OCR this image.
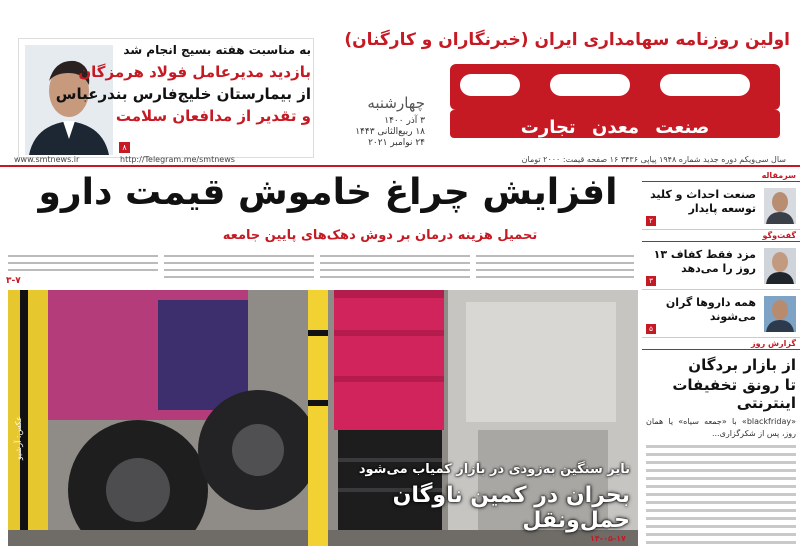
اولین روزنامه سهامداری ایران (خبرنگاران و کارگنان)
صنعت معدن تجارت
چهارشنبه
۳ آذر ۱۴۰۰
۱۸ ربیع‌الثانی ۱۴۴۳
۲۴ نوامبر ۲۰۲۱
به مناسبت هفته بسیج انجام شد
بازدید مدیرعامل فولاد هرمزگان
از بیمارستان خلیج‌فارس بندرعباس
و تقدیر از مدافعان سلامت
۸
www.smtnews.ir	http://Telegram.me/smtnews	سال سی‌ویکم دوره جدید شماره ۱۹۴۸ پیاپی ۳۴۳۶ ۱۶ صفحه قیمت: ۲۰۰۰ تومان
سرمقاله
صنعت احداث و کلید توسعه پایدار
۲
گفت‌وگو
مزد فقط کفاف ۱۳ روز را می‌دهد
۳
همه دارو‌ها گران می‌شوند
۵
گزارش روز
از بازار بردگان
تا رونق تخفیفات اینترنتی
«blackfriday» با «جمعه سیاه» یا همان روز، پس از شکرگزاری...
افزایش چراغ خاموش قیمت دارو
تحمیل هزینه درمان بر دوش دهک‌های پایین جامعه
۳-۷
تایر سنگین به‌زودی در بازار کمیاب می‌شود
بحران در کمین ناوگان حمل‌ونقل
عکس: آرشیو
۱۴-۰۵-۱۷
